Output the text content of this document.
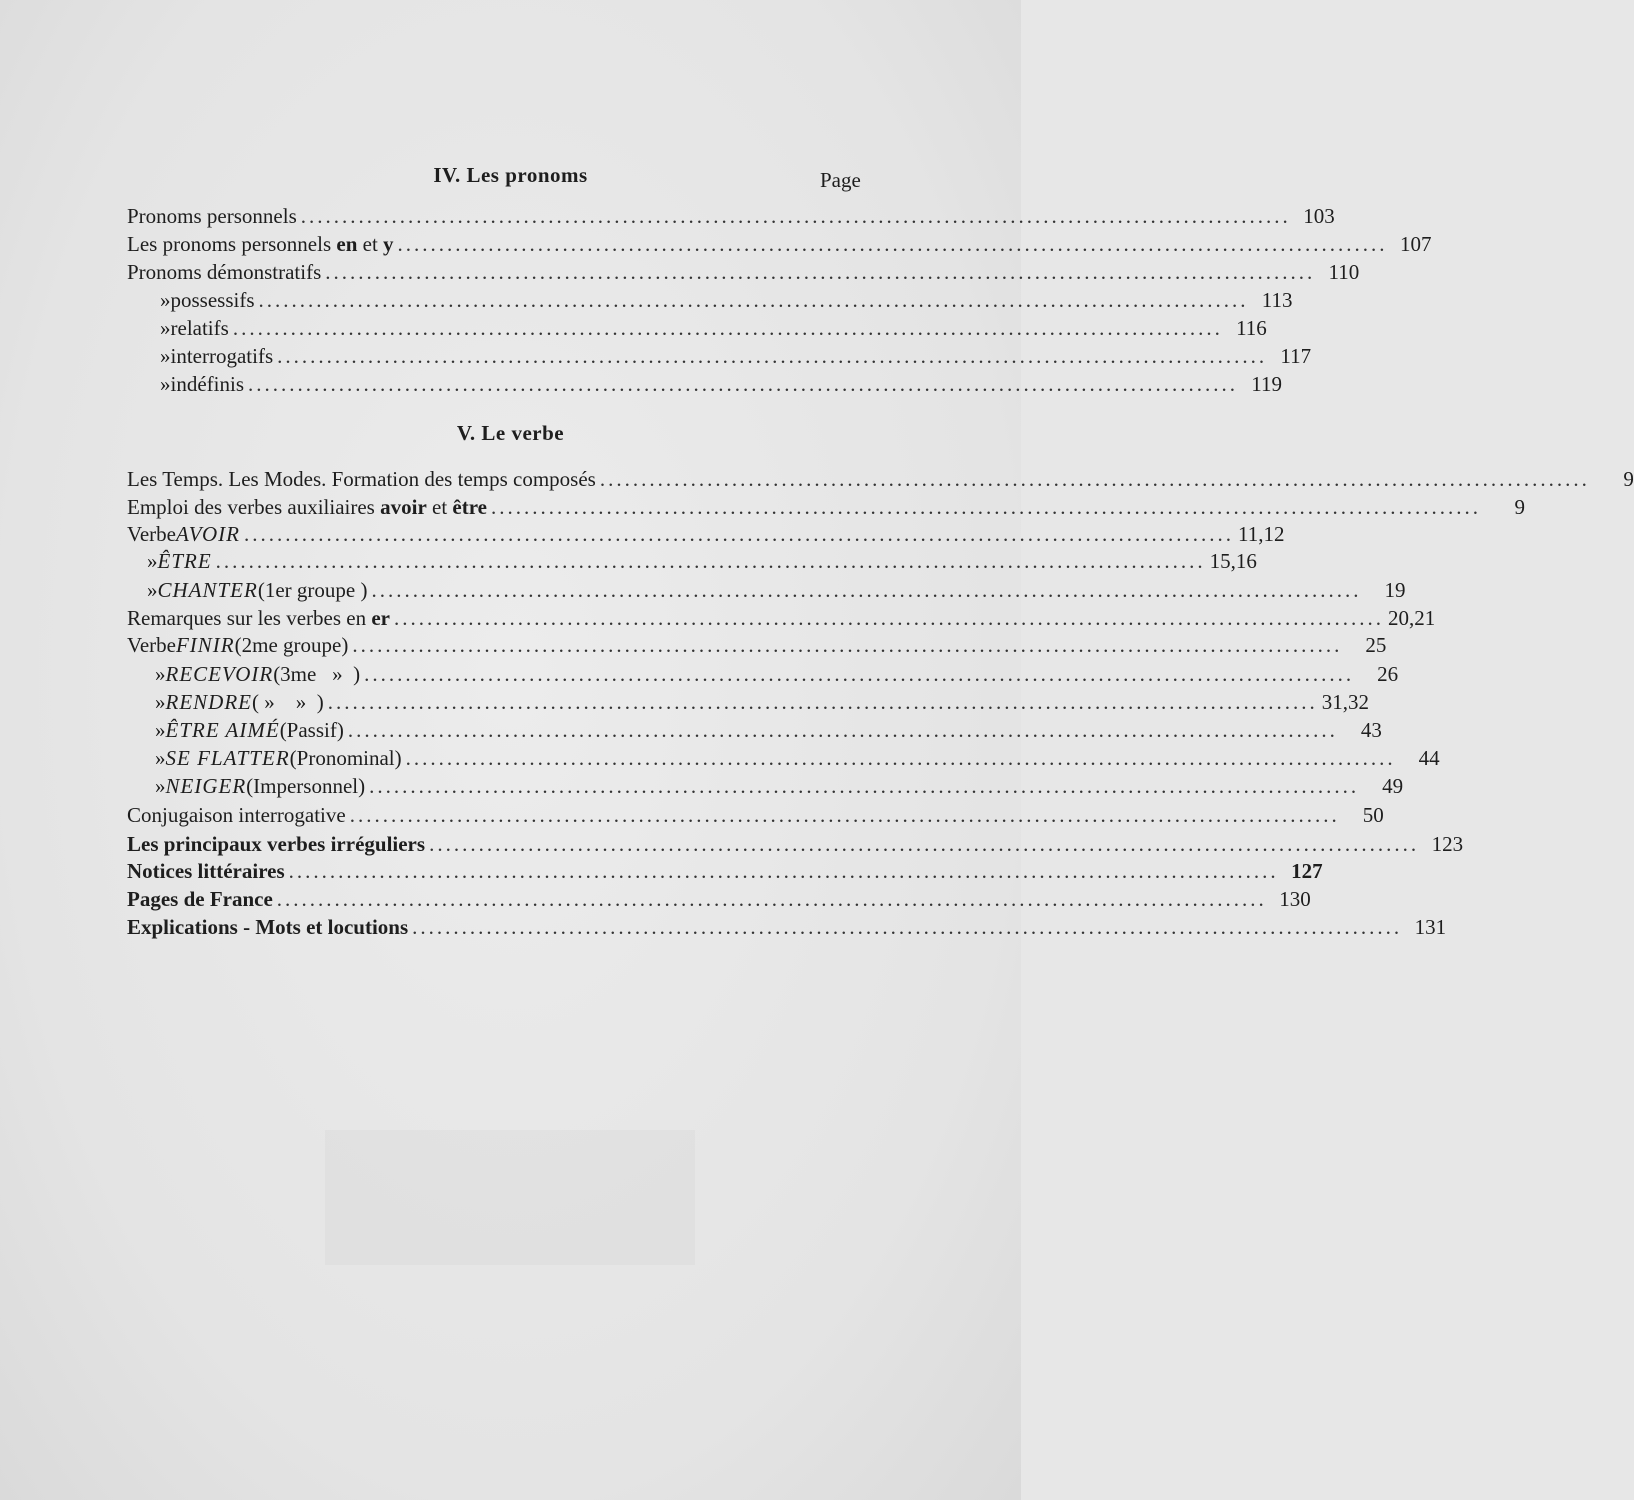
IV. Les pronoms	Page
Pronoms personnels ........................................................................................................................ 103
Les pronoms personnels en et y ........................................................................................................................ 107
Pronoms démonstratifs ........................................................................................................................ 110
» possessifs ........................................................................................................................ 113
» relatifs ........................................................................................................................ 116
» interrogatifs ........................................................................................................................ 117
» indéfinis ........................................................................................................................ 119
V. Le verbe
Les Temps. Les Modes. Formation des temps composés ........................................................................................................................	9
Emploi des verbes auxiliaires avoir et être ........................................................................................................................	9
Verbe AVOIR ........................................................................................................................ 11,12
» ÊTRE ........................................................................................................................ 15,16
» CHANTER (1er groupe ) ........................................................................................................................	19
Remarques sur les verbes en er ........................................................................................................................ 20,21
Verbe FINIR (2me groupe) ........................................................................................................................	25
» RECEVOIR (3me   »  ) ........................................................................................................................	26
» RENDRE ( »    »  ) ........................................................................................................................ 31,32
» ÊTRE AIMÉ (Passif) ........................................................................................................................	43
» SE FLATTER (Pronominal) ........................................................................................................................	44
» NEIGER (Impersonnel) ........................................................................................................................	49
Conjugaison interrogative ........................................................................................................................	50
Les principaux verbes irréguliers ........................................................................................................................ 123
Notices littéraires ........................................................................................................................ 127
Pages de France ........................................................................................................................ 130
Explications - Mots et locutions ........................................................................................................................ 131
